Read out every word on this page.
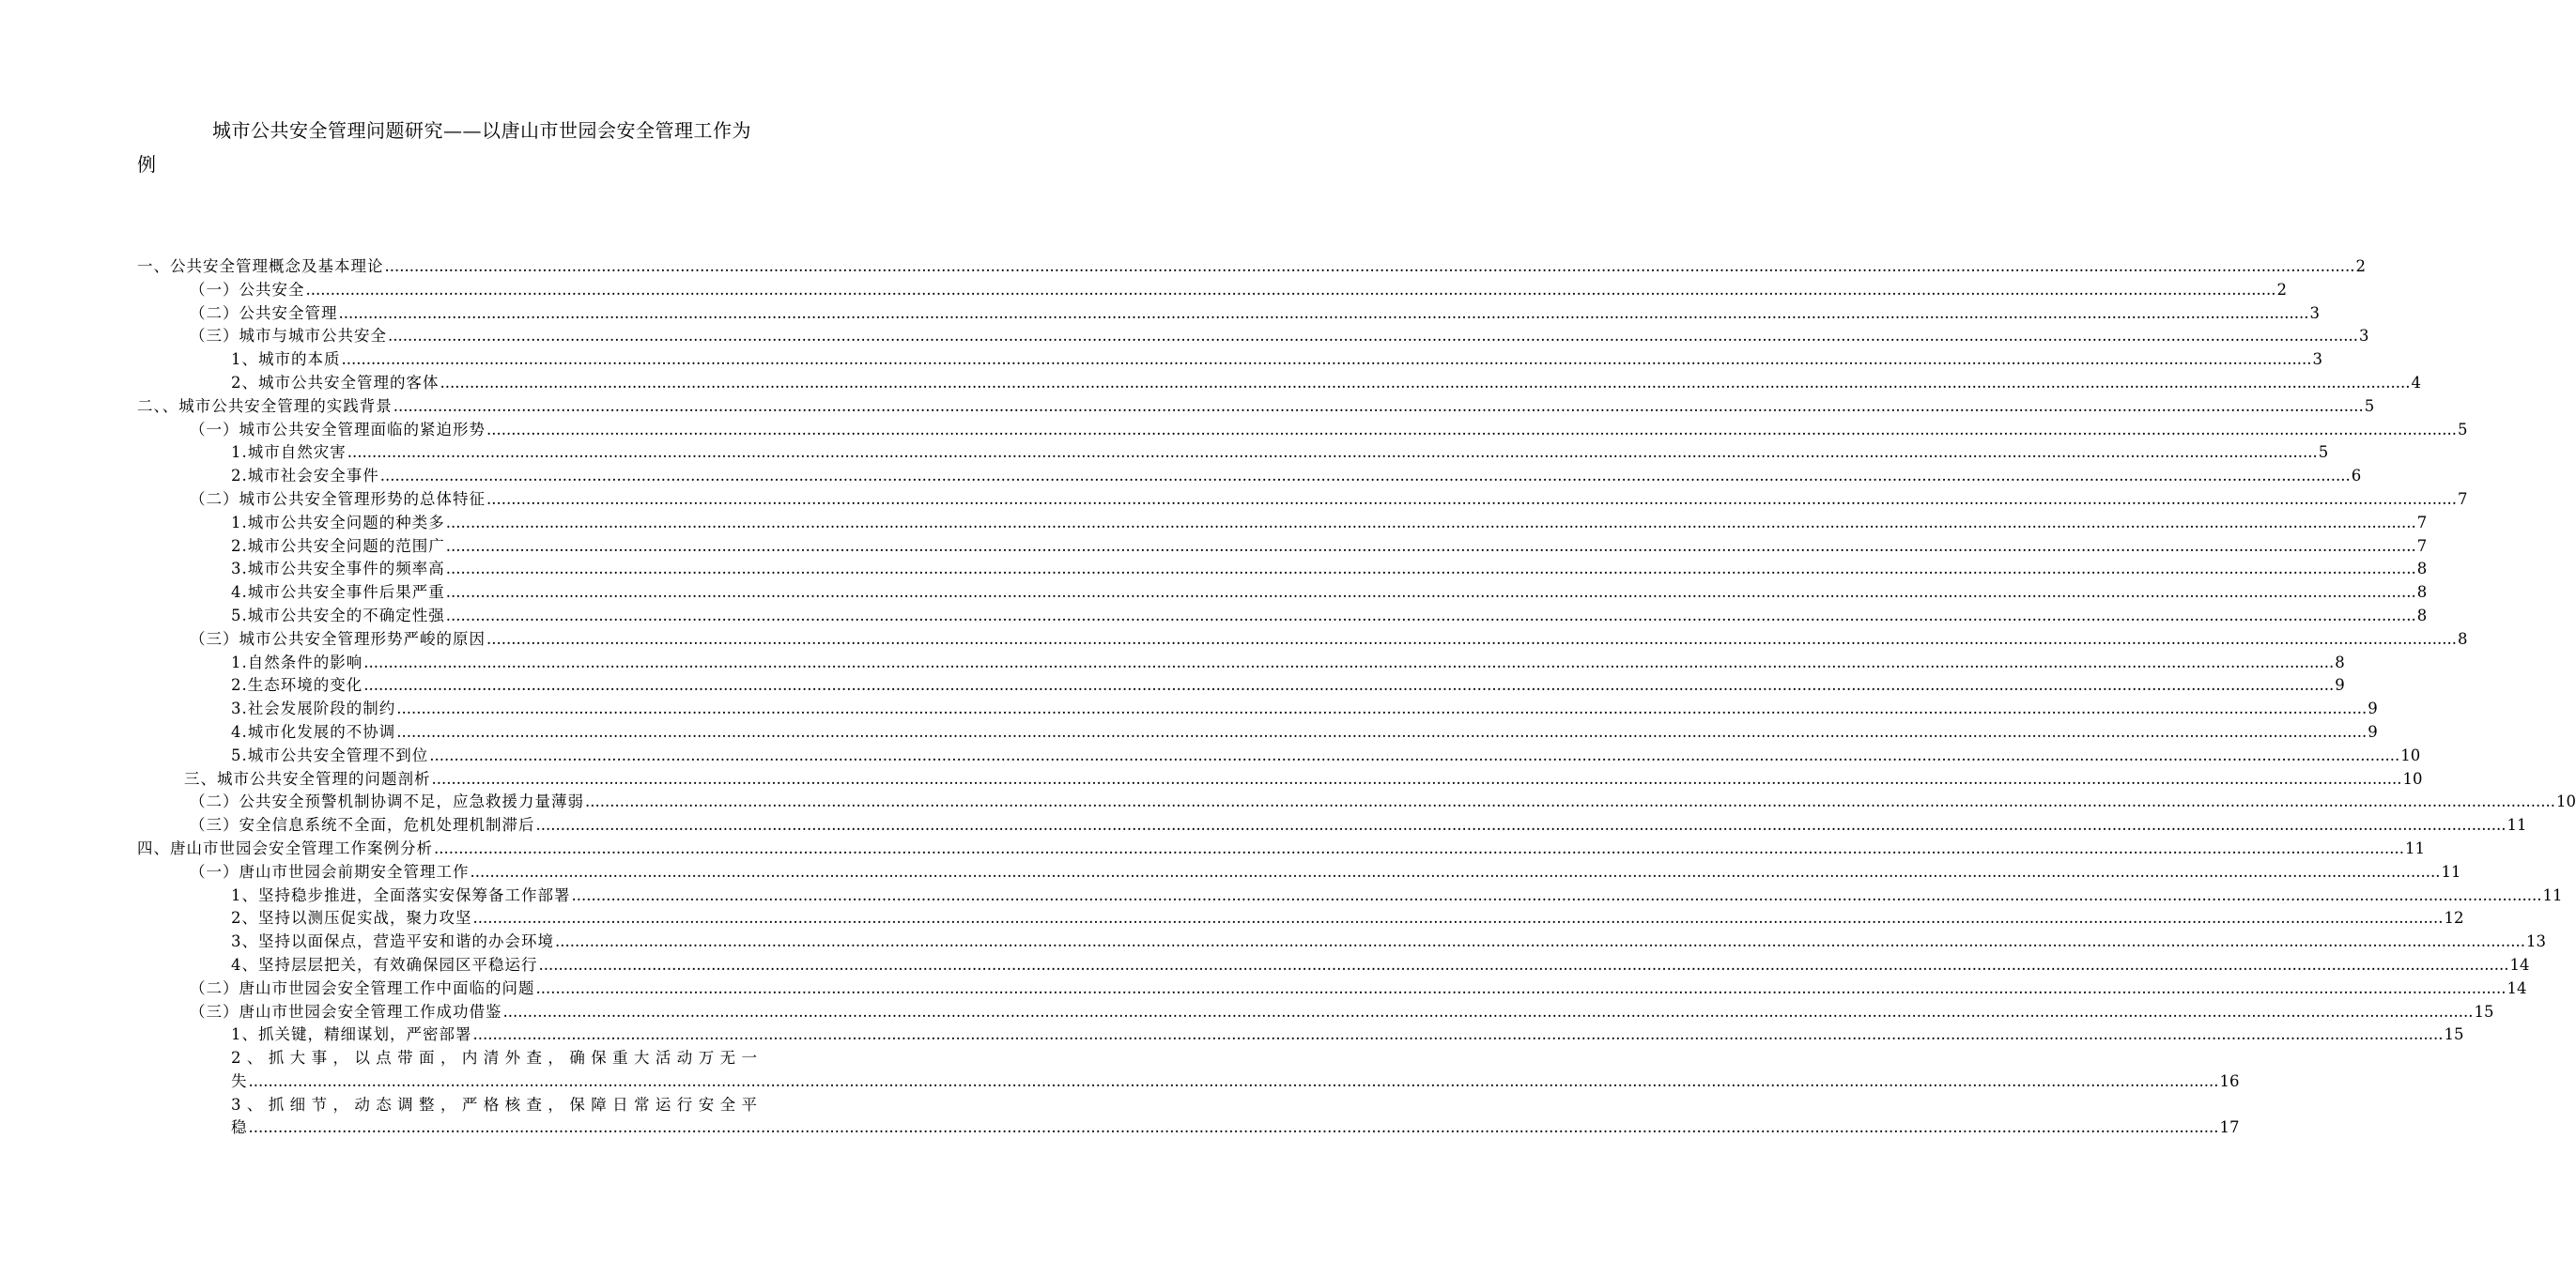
城市公共安全管理问题研究——以唐山市世园会安全管理工作为例
一、公共安全管理概念及基本理论 ................................................................................................................................................................................................................................................................................................................................................................................................................ 2
（一）公共安全 ................................................................................................................................................................................................................................................................................................................................................................................................................ 2
（二）公共安全管理 ................................................................................................................................................................................................................................................................................................................................................................................................................ 3
（三）城市与城市公共安全 ................................................................................................................................................................................................................................................................................................................................................................................................................ 3
1、城市的本质 ................................................................................................................................................................................................................................................................................................................................................................................................................ 3
2、城市公共安全管理的客体 ................................................................................................................................................................................................................................................................................................................................................................................................................ 4
二、、城市公共安全管理的实践背景 ................................................................................................................................................................................................................................................................................................................................................................................................................ 5
（一）城市公共安全管理面临的紧迫形势 ................................................................................................................................................................................................................................................................................................................................................................................................................ 5
1.城市自然灾害 ................................................................................................................................................................................................................................................................................................................................................................................................................ 5
2.城市社会安全事件 ................................................................................................................................................................................................................................................................................................................................................................................................................ 6
（二）城市公共安全管理形势的总体特征 ................................................................................................................................................................................................................................................................................................................................................................................................................ 7
1.城市公共安全问题的种类多 ................................................................................................................................................................................................................................................................................................................................................................................................................ 7
2.城市公共安全问题的范围广 ................................................................................................................................................................................................................................................................................................................................................................................................................ 7
3.城市公共安全事件的频率高 ................................................................................................................................................................................................................................................................................................................................................................................................................ 8
4.城市公共安全事件后果严重 ................................................................................................................................................................................................................................................................................................................................................................................................................ 8
5.城市公共安全的不确定性强 ................................................................................................................................................................................................................................................................................................................................................................................................................ 8
（三）城市公共安全管理形势严峻的原因 ................................................................................................................................................................................................................................................................................................................................................................................................................ 8
1.自然条件的影响 ................................................................................................................................................................................................................................................................................................................................................................................................................ 8
2.生态环境的变化 ................................................................................................................................................................................................................................................................................................................................................................................................................ 9
3.社会发展阶段的制约 ................................................................................................................................................................................................................................................................................................................................................................................................................ 9
4.城市化发展的不协调 ................................................................................................................................................................................................................................................................................................................................................................................................................ 9
5.城市公共安全管理不到位 ................................................................................................................................................................................................................................................................................................................................................................................................................ 10
三、城市公共安全管理的问题剖析 ................................................................................................................................................................................................................................................................................................................................................................................................................ 10
（二）公共安全预警机制协调不足，应急救援力量薄弱 ................................................................................................................................................................................................................................................................................................................................................................................................................ 10
（三）安全信息系统不全面，危机处理机制滞后 ................................................................................................................................................................................................................................................................................................................................................................................................................ 11
四、唐山市世园会安全管理工作案例分析 ................................................................................................................................................................................................................................................................................................................................................................................................................ 11
（一）唐山市世园会前期安全管理工作 ................................................................................................................................................................................................................................................................................................................................................................................................................ 11
1、坚持稳步推进，全面落实安保筹备工作部署 ................................................................................................................................................................................................................................................................................................................................................................................................................ 11
2、坚持以测压促实战，聚力攻坚 ................................................................................................................................................................................................................................................................................................................................................................................................................ 12
3、坚持以面保点，营造平安和谐的办会环境 ................................................................................................................................................................................................................................................................................................................................................................................................................ 13
4、坚持层层把关，有效确保园区平稳运行 ................................................................................................................................................................................................................................................................................................................................................................................................................ 14
（二）唐山市世园会安全管理工作中面临的问题 ................................................................................................................................................................................................................................................................................................................................................................................................................ 14
（三）唐山市世园会安全管理工作成功借鉴 ................................................................................................................................................................................................................................................................................................................................................................................................................ 15
1、抓关键，精细谋划，严密部署 ................................................................................................................................................................................................................................................................................................................................................................................................................ 15
2、抓大事，以点带面，内清外查，确保重大活动万无一
失 ................................................................................................................................................................................................................................................................................................................................................................................................................ 16
3、抓细节，动态调整，严格核查，保障日常运行安全平
稳 ................................................................................................................................................................................................................................................................................................................................................................................................................ 17
